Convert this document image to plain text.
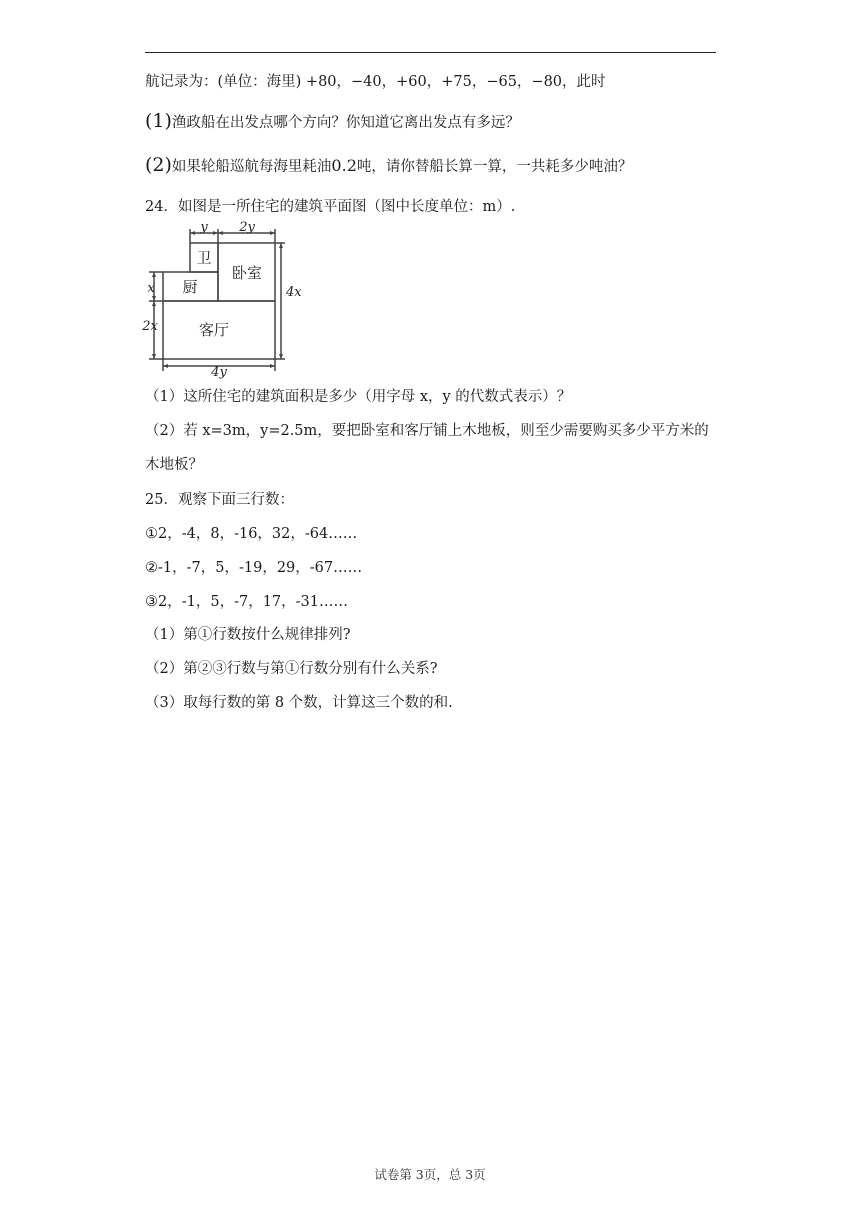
航记录为：(单位：海里) +80，−40，+60，+75，−65，−80，此时
(1)渔政船在出发点哪个方向？你知道它离出发点有多远？
(2)如果轮船巡航每海里耗油0.2吨，请你替船长算一算，一共耗多少吨油？
24．如图是一所住宅的建筑平面图（图中长度单位：m）.
卫
卧室
厨
客厅
y 2y
4x
x
2x
4y
（1）这所住宅的建筑面积是多少（用字母 x，y 的代数式表示）？
（2）若 x=3m，y=2.5m，要把卧室和客厅铺上木地板，则至少需要购买多少平方米的
木地板？
25．观察下面三行数：
①2，-4，8，-16，32，-64……
②-1，-7，5，-19，29，-67……
③2，-1，5，-7，17，-31……
（1）第①行数按什么规律排列?
（2）第②③行数与第①行数分别有什么关系?
（3）取每行数的第 8 个数，计算这三个数的和.
试卷第 3页，总 3页
